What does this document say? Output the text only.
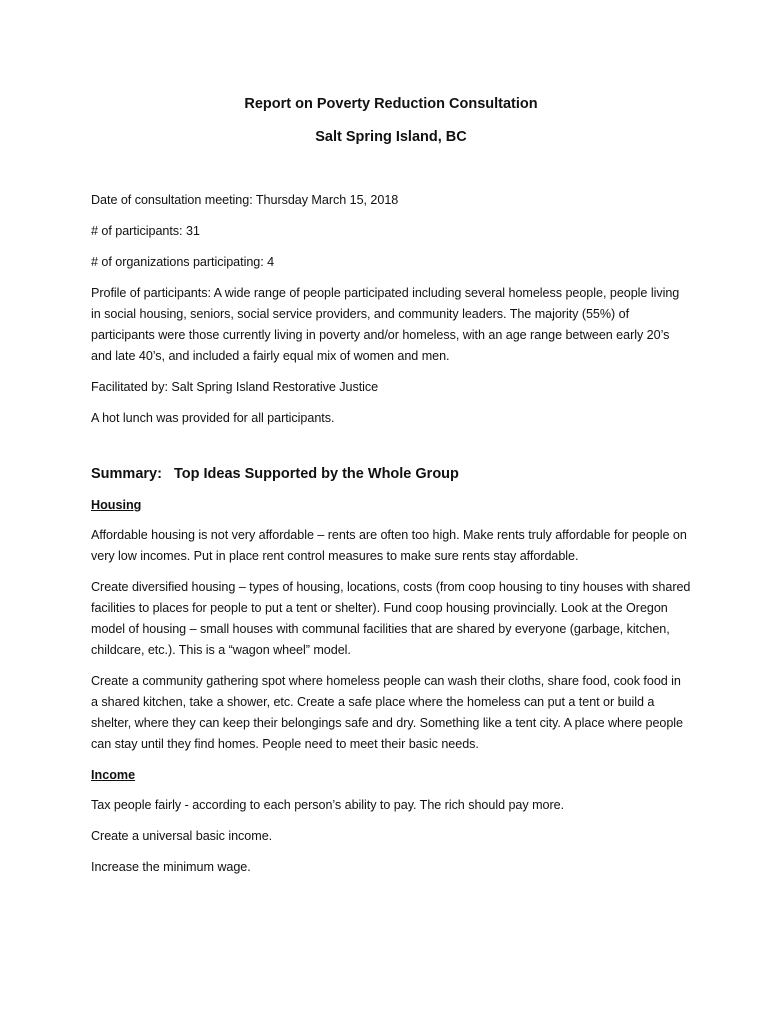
Report on Poverty Reduction Consultation
Salt Spring Island, BC

Date of consultation meeting: Thursday March 15, 2018

# of participants: 31

# of organizations participating: 4

Profile of participants: A wide range of people participated including several homeless people, people living in social housing, seniors, social service providers, and community leaders. The majority (55%) of participants were those currently living in poverty and/or homeless, with an age range between early 20’s and late 40’s, and included a fairly equal mix of women and men.

Facilitated by: Salt Spring Island Restorative Justice

A hot lunch was provided for all participants.

Summary:   Top Ideas Supported by the Whole Group
Housing

Affordable housing is not very affordable – rents are often too high. Make rents truly affordable for people on very low incomes. Put in place rent control measures to make sure rents stay affordable.

Create diversified housing – types of housing, locations, costs (from coop housing to tiny houses with shared facilities to places for people to put a tent or shelter). Fund coop housing provincially. Look at the Oregon model of housing – small houses with communal facilities that are shared by everyone (garbage, kitchen, childcare, etc.). This is a “wagon wheel” model.

Create a community gathering spot where homeless people can wash their cloths, share food, cook food in a shared kitchen, take a shower, etc. Create a safe place where the homeless can put a tent or build a shelter, where they can keep their belongings safe and dry. Something like a tent city. A place where people can stay until they find homes. People need to meet their basic needs.

Income

Tax people fairly - according to each person’s ability to pay. The rich should pay more.

Create a universal basic income.

Increase the minimum wage.
